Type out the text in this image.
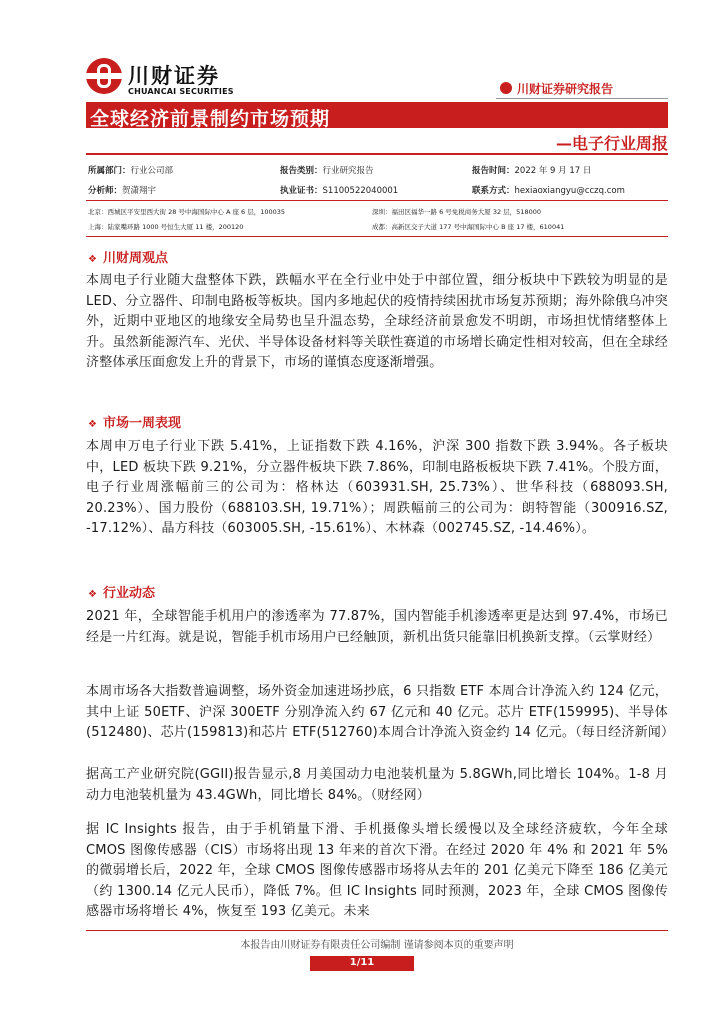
川财证券
CHUANCAI SECURITIES	川财证券研究报告
全球经济前景制约市场预期
—电子行业周报
所属部门：行业公司部	报告类别：行业研究报告	报告时间：2022 年 9 月 17 日
分析师：贺潇翔宇	执业证书：S1100522040001	联系方式：hexiaoxiangyu@cczq.com
北京：西城区平安里西大街 28 号中海国际中心 A 座 6 层，100035	深圳：福田区福华一路 6 号免税商务大厦 32 层，518000
上海：陆家嘴环路 1000 号恒生大厦 11 楼，200120	成都：高新区交子大道 177 号中海国际中心 B 座 17 楼，610041
❖ 川财周观点
本周电子行业随大盘整体下跌，跌幅水平在全行业中处于中部位置，细分板块中下跌较为明显的是 LED、分立器件、印制电路板等板块。国内多地起伏的疫情持续困扰市场复苏预期；海外除俄乌冲突外，近期中亚地区的地缘安全局势也呈升温态势，全球经济前景愈发不明朗，市场担忧情绪整体上升。虽然新能源汽车、光伏、半导体设备材料等关联性赛道的市场增长确定性相对较高，但在全球经济整体承压面愈发上升的背景下，市场的谨慎态度逐渐增强。
❖ 市场一周表现
本周申万电子行业下跌 5.41%，上证指数下跌 4.16%，沪深 300 指数下跌 3.94%。各子板块中，LED 板块下跌 9.21%，分立器件板块下跌 7.86%，印制电路板板块下跌 7.41%。个股方面，电子行业周涨幅前三的公司为：格林达（603931.SH, 25.73%）、世华科技（688093.SH, 20.23%）、国力股份（688103.SH, 19.71%）；周跌幅前三的公司为：朗特智能（300916.SZ, -17.12%）、晶方科技（603005.SH, -15.61%）、木林森（002745.SZ, -14.46%）。
❖ 行业动态
2021 年，全球智能手机用户的渗透率为 77.87%，国内智能手机渗透率更是达到 97.4%，市场已经是一片红海。就是说，智能手机市场用户已经触顶，新机出货只能靠旧机换新支撑。（云掌财经）
本周市场各大指数普遍调整，场外资金加速进场抄底，6 只指数 ETF 本周合计净流入约 124 亿元，其中上证 50ETF、沪深 300ETF 分别净流入约 67 亿元和 40 亿元。芯片 ETF(159995)、半导体(512480)、芯片(159813)和芯片 ETF(512760)本周合计净流入资金约 14 亿元。（每日经济新闻）
据高工产业研究院(GGII)报告显示,8 月美国动力电池装机量为 5.8GWh,同比增长 104%。1-8 月动力电池装机量为 43.4GWh，同比增长 84%。（财经网）
据 IC Insights 报告，由于手机销量下滑、手机摄像头增长缓慢以及全球经济疲软，今年全球 CMOS 图像传感器（CIS）市场将出现 13 年来的首次下滑。在经过 2020 年 4% 和 2021 年 5% 的微弱增长后，2022 年，全球 CMOS 图像传感器市场将从去年的 201 亿美元下降至 186 亿美元（约 1300.14 亿元人民币），降低 7%。但 IC Insights 同时预测，2023 年，全球 CMOS 图像传感器市场将增长 4%，恢复至 193 亿美元。未来
本报告由川财证券有限责任公司编制 谨请参阅本页的重要声明
1/11
